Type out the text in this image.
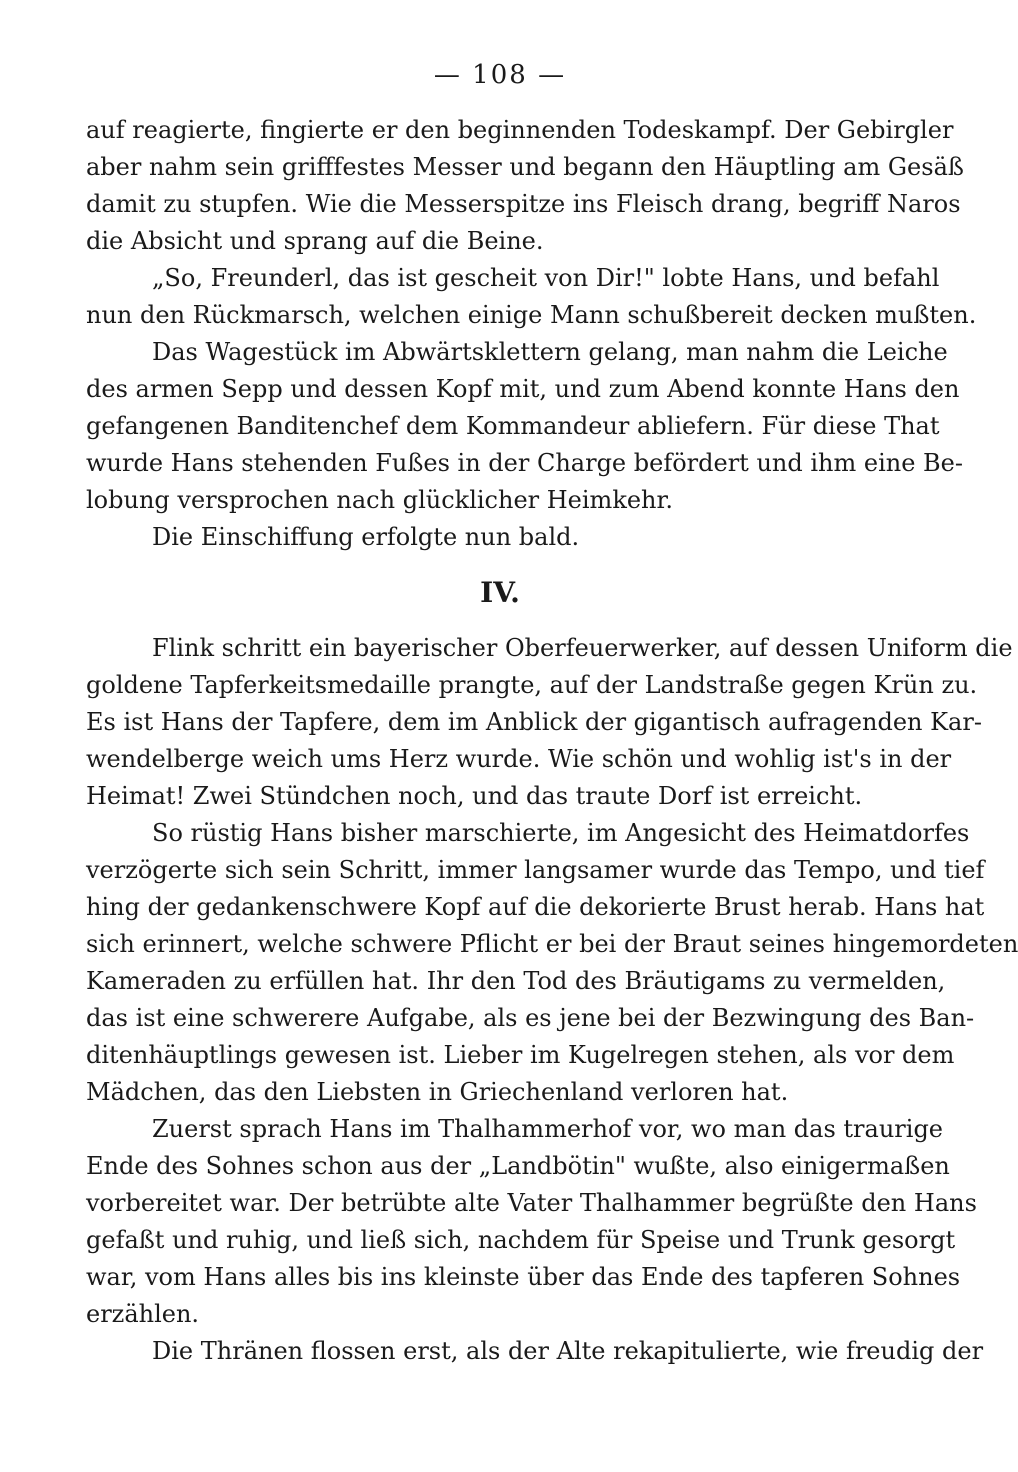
— 108 —

auf reagierte, fingierte er den beginnenden Todeskampf. Der Gebirgler
aber nahm sein grifffestes Messer und begann den Häuptling am Gesäß
damit zu stupfen. Wie die Messerspitze ins Fleisch drang, begriff Naros
die Absicht und sprang auf die Beine.
„So, Freunderl, das ist gescheit von Dir!" lobte Hans, und befahl
nun den Rückmarsch, welchen einige Mann schußbereit decken mußten.
Das Wagestück im Abwärtsklettern gelang, man nahm die Leiche
des armen Sepp und dessen Kopf mit, und zum Abend konnte Hans den
gefangenen Banditenchef dem Kommandeur abliefern. Für diese That
wurde Hans stehenden Fußes in der Charge befördert und ihm eine Be-
lobung versprochen nach glücklicher Heimkehr.
Die Einschiffung erfolgte nun bald.
IV.
Flink schritt ein bayerischer Oberfeuerwerker, auf dessen Uniform die
goldene Tapferkeitsmedaille prangte, auf der Landstraße gegen Krün zu.
Es ist Hans der Tapfere, dem im Anblick der gigantisch aufragenden Kar-
wendelberge weich ums Herz wurde. Wie schön und wohlig ist's in der
Heimat! Zwei Stündchen noch, und das traute Dorf ist erreicht.
So rüstig Hans bisher marschierte, im Angesicht des Heimatdorfes
verzögerte sich sein Schritt, immer langsamer wurde das Tempo, und tief
hing der gedankenschwere Kopf auf die dekorierte Brust herab. Hans hat
sich erinnert, welche schwere Pflicht er bei der Braut seines hingemordeten
Kameraden zu erfüllen hat. Ihr den Tod des Bräutigams zu vermelden,
das ist eine schwerere Aufgabe, als es jene bei der Bezwingung des Ban-
ditenhäuptlings gewesen ist. Lieber im Kugelregen stehen, als vor dem
Mädchen, das den Liebsten in Griechenland verloren hat.
Zuerst sprach Hans im Thalhammerhof vor, wo man das traurige
Ende des Sohnes schon aus der „Landbötin" wußte, also einigermaßen
vorbereitet war. Der betrübte alte Vater Thalhammer begrüßte den Hans
gefaßt und ruhig, und ließ sich, nachdem für Speise und Trunk gesorgt
war, vom Hans alles bis ins kleinste über das Ende des tapferen Sohnes
erzählen.
Die Thränen flossen erst, als der Alte rekapitulierte, wie freudig der
